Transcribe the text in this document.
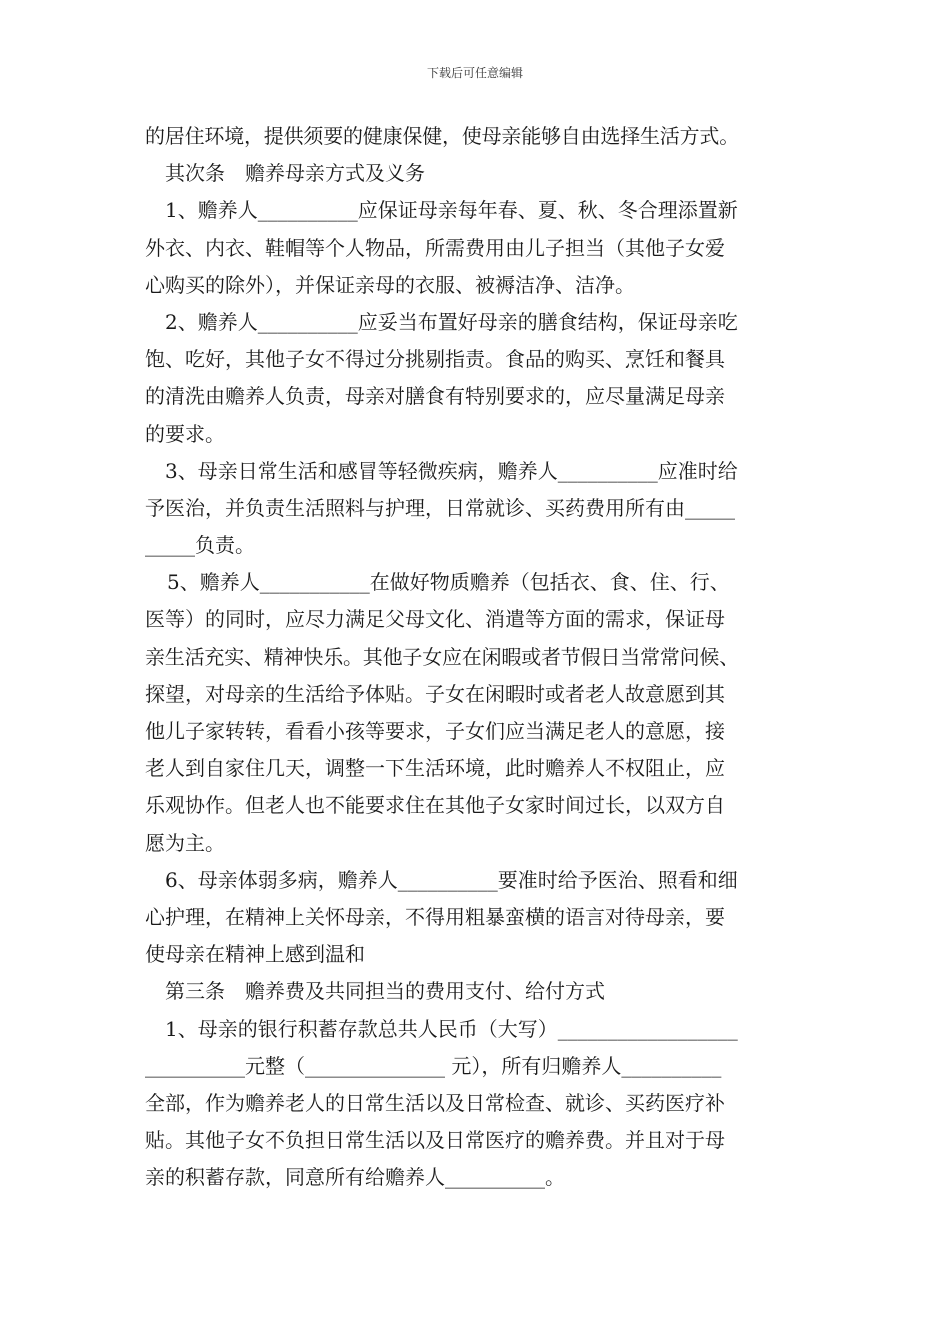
下载后可任意编辑
的居住环境，提供须要的健康保健，使母亲能够自由选择生活方式。
其次条　赡养母亲方式及义务
1、赡养人__________应保证母亲每年春、夏、秋、冬合理添置新
外衣、内衣、鞋帽等个人物品，所需费用由儿子担当（其他子女爱
心购买的除外），并保证亲母的衣服、被褥洁净、洁净。
2、赡养人__________应妥当布置好母亲的膳食结构，保证母亲吃
饱、吃好，其他子女不得过分挑剔指责。食品的购买、烹饪和餐具
的清洗由赡养人负责，母亲对膳食有特别要求的，应尽量满足母亲
的要求。
3、母亲日常生活和感冒等轻微疾病，赡养人__________应准时给
予医治，并负责生活照料与护理，日常就诊、买药费用所有由_____
_____负责。
5、赡养人___________在做好物质赡养（包括衣、食、住、行、
医等）的同时，应尽力满足父母文化、消遣等方面的需求，保证母
亲生活充实、精神快乐。其他子女应在闲暇或者节假日当常常问候、
探望，对母亲的生活给予体贴。子女在闲暇时或者老人故意愿到其
他儿子家转转，看看小孩等要求，子女们应当满足老人的意愿，接
老人到自家住几天，调整一下生活环境，此时赡养人不权阻止，应
乐观协作。但老人也不能要求住在其他子女家时间过长，以双方自
愿为主。
6、母亲体弱多病，赡养人__________要准时给予医治、照看和细
心护理，在精神上关怀母亲，不得用粗暴蛮横的语言对待母亲，要
使母亲在精神上感到温和
第三条　赡养费及共同担当的费用支付、给付方式
1、母亲的银行积蓄存款总共人民币（大写）__________________
__________元整（______________ 元），所有归赡养人__________
全部，作为赡养老人的日常生活以及日常检查、就诊、买药医疗补
贴。其他子女不负担日常生活以及日常医疗的赡养费。并且对于母
亲的积蓄存款，同意所有给赡养人__________。
